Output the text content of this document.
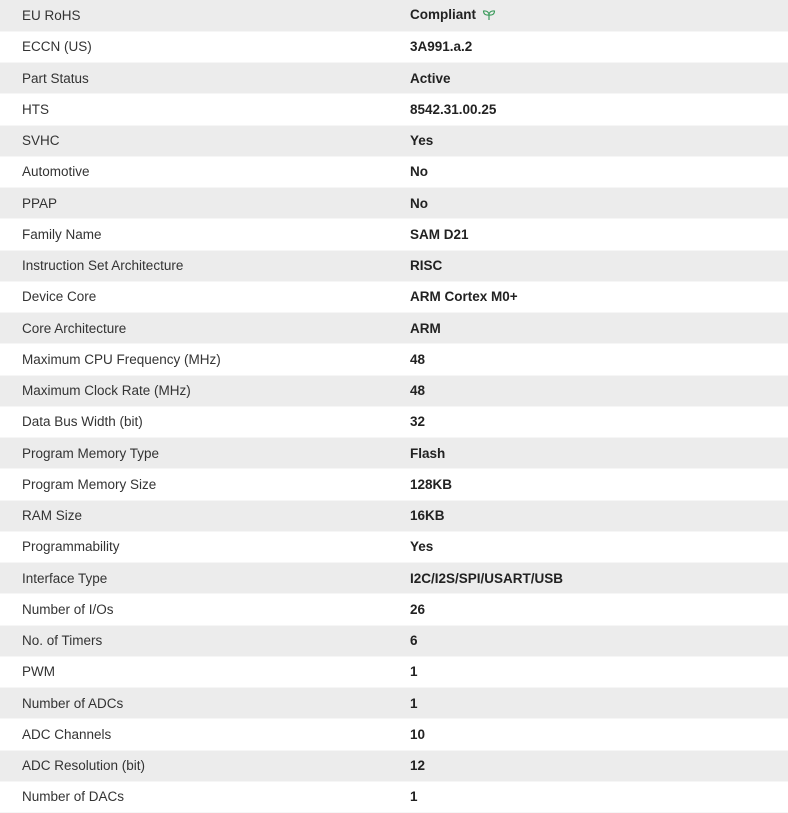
EU RoHS	Compliant
ECCN (US)	3A991.a.2
Part Status	Active
HTS	8542.31.00.25
SVHC	Yes
Automotive	No
PPAP	No
Family Name	SAM D21
Instruction Set Architecture	RISC
Device Core	ARM Cortex M0+
Core Architecture	ARM
Maximum CPU Frequency (MHz)	48
Maximum Clock Rate (MHz)	48
Data Bus Width (bit)	32
Program Memory Type	Flash
Program Memory Size	128KB
RAM Size	16KB
Programmability	Yes
Interface Type	I2C/I2S/SPI/USART/USB
Number of I/Os	26
No. of Timers	6
PWM	1
Number of ADCs	1
ADC Channels	10
ADC Resolution (bit)	12
Number of DACs	1
